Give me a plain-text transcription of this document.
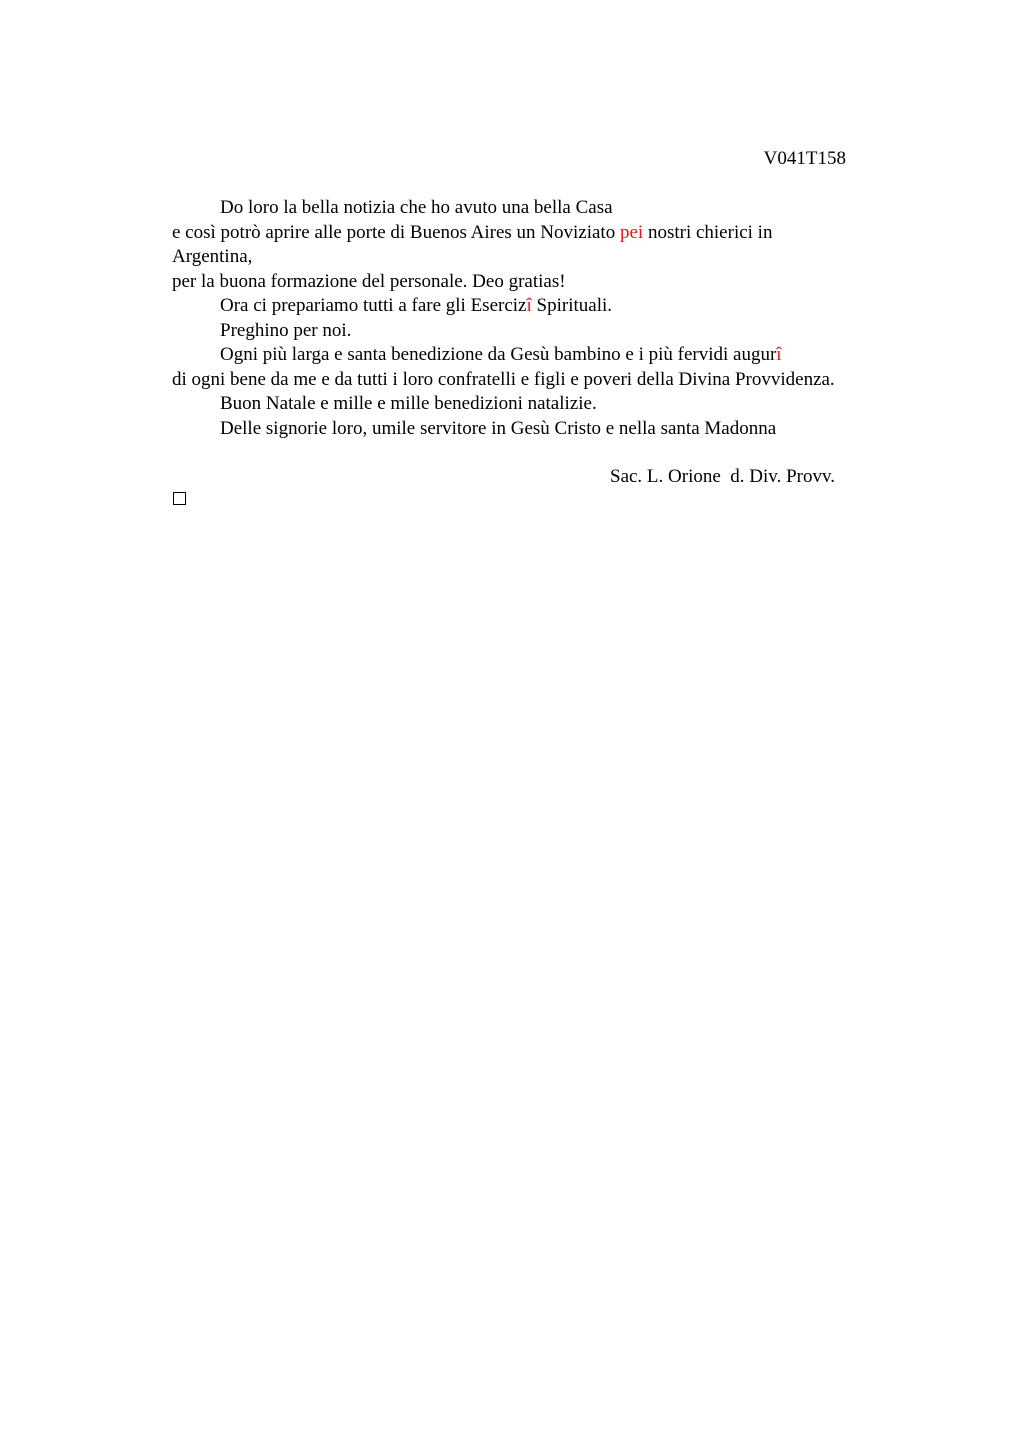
V041T158
Do loro la bella notizia che ho avuto una bella Casa
e così potrò aprire alle porte di Buenos Aires un Noviziato pei nostri chierici in
Argentina,
per la buona formazione del personale. Deo gratias!
Ora ci prepariamo tutti a fare gli Esercizî Spirituali.
Preghino per noi.
Ogni più larga e santa benedizione da Gesù bambino e i più fervidi augurî
di ogni bene da me e da tutti i loro confratelli e figli e poveri della Divina Provvidenza.
Buon Natale e mille e mille benedizioni natalizie.
Delle signorie loro, umile servitore in Gesù Cristo e nella santa Madonna
Sac. L. Orione  d. Div. Provv.
